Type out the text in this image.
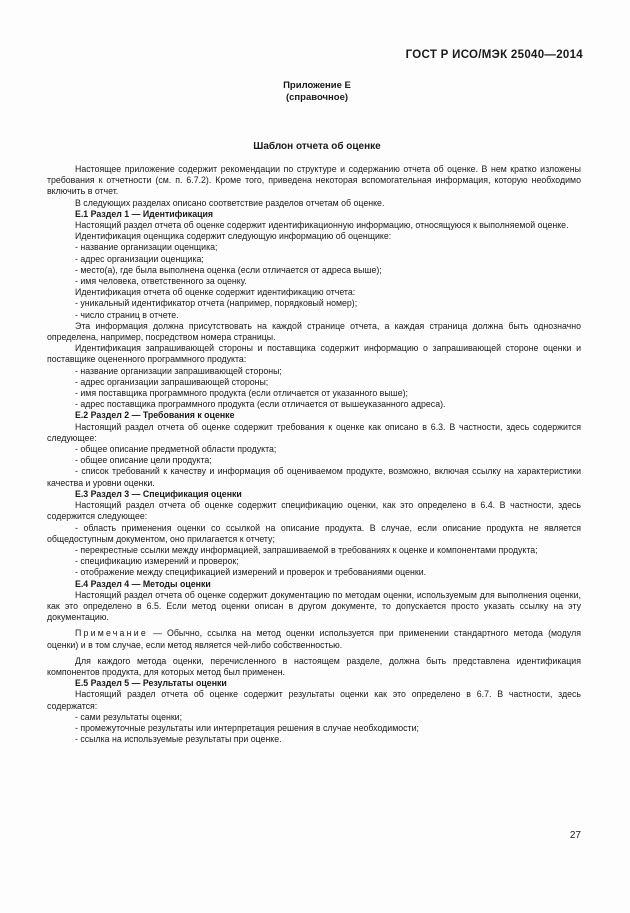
ГОСТ Р ИСО/МЭК 25040—2014
Приложение Е
(справочное)
Шаблон отчета об оценке

Настоящее приложение содержит рекомендации по структуре и содержанию отчета об оценке. В нем кратко изложены требования к отчетности (см. п. 6.7.2). Кроме того, приведена некоторая вспомогательная информация, которую необходимо включить в отчет.

В следующих разделах описано соответствие разделов отчетам об оценке.

Е.1 Раздел 1 — Идентификация

Настоящий раздел отчета об оценке содержит идентификационную информацию, относящуюся к выполняемой оценке.

Идентификация оценщика содержит следующую информацию об оценщике:

- название организации оценщика;

- адрес организации оценщика;

- место(а), где была выполнена оценка (если отличается от адреса выше);

- имя человека, ответственного за оценку.

Идентификация отчета об оценке содержит идентификацию отчета:

- уникальный идентификатор отчета (например, порядковый номер);

- число страниц в отчете.

Эта информация должна присутствовать на каждой странице отчета, а каждая страница должна быть однозначно определена, например, посредством номера страницы.

Идентификация запрашивающей стороны и поставщика содержит информацию о запрашивающей стороне оценки и поставщике оцененного программного продукта:

- название организации запрашивающей стороны;

- адрес организации запрашивающей стороны;

- имя поставщика программного продукта (если отличается от указанного выше);

- адрес поставщика программного продукта (если отличается от вышеуказанного адреса).

Е.2 Раздел 2 — Требования к оценке

Настоящий раздел отчета об оценке содержит требования к оценке как описано в 6.3. В частности, здесь содержится следующее:

- общее описание предметной области продукта;

- общее описание цели продукта;

- список требований к качеству и информация об оцениваемом продукте, возможно, включая ссылку на характеристики качества и уровни оценки.

Е.3 Раздел 3 — Спецификация оценки

Настоящий раздел отчета об оценке содержит спецификацию оценки, как это определено в 6.4. В частности, здесь содержится следующее:

- область применения оценки со ссылкой на описание продукта. В случае, если описание продукта не является общедоступным документом, оно прилагается к отчету;

- перекрестные ссылки между информацией, запрашиваемой в требованиях к оценке и компонентами продукта;

- спецификацию измерений и проверок;

- отображение между спецификацией измерений и проверок и требованиями оценки.

Е.4 Раздел 4 — Методы оценки

Настоящий раздел отчета об оценке содержит документацию по методам оценки, используемым для выполнения оценки, как это определено в 6.5. Если метод оценки описан в другом документе, то допускается просто указать ссылку на эту документацию.

Примечание — Обычно, ссылка на метод оценки используется при применении стандартного метода (модуля оценки) и в том случае, если метод является чей-либо собственностью.

Для каждого метода оценки, перечисленного в настоящем разделе, должна быть представлена идентификация компонентов продукта, для которых метод был применен.

Е.5 Раздел 5 — Результаты оценки

Настоящий раздел отчета об оценке содержит результаты оценки как это определено в 6.7. В частности, здесь содержатся:

- сами результаты оценки;

- промежуточные результаты или интерпретация решения в случае необходимости;

- ссылка на используемые результаты при оценке.

27
